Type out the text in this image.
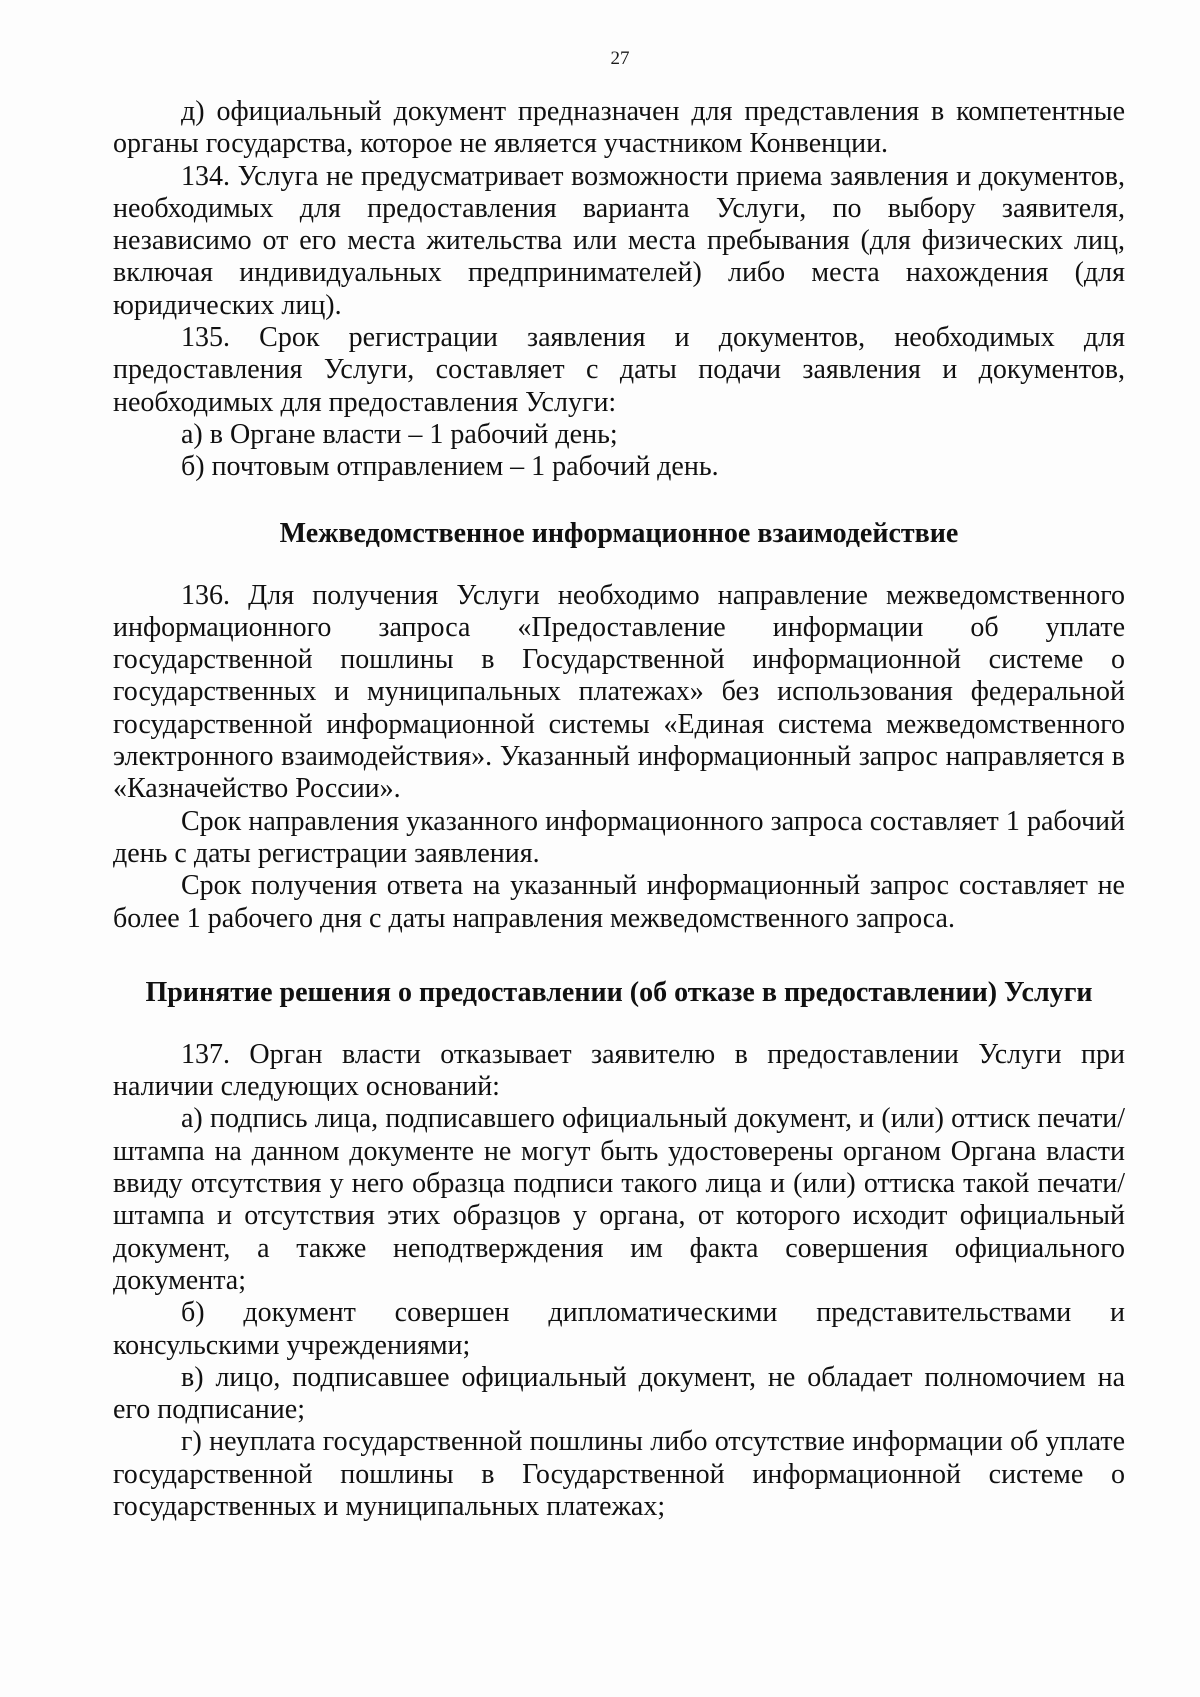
27

д) официальный документ предназначен для представления в компетентные органы государства, которое не является участником Конвенции.

134. Услуга не предусматривает возможности приема заявления и документов, необходимых для предоставления варианта Услуги, по выбору заявителя, независимо от его места жительства или места пребывания (для физических лиц, включая индивидуальных предпринимателей) либо места нахождения (для юридических лиц).

135. Срок регистрации заявления и документов, необходимых для предоставления Услуги, составляет с даты подачи заявления и документов, необходимых для предоставления Услуги:

а) в Органе власти – 1 рабочий день;

б) почтовым отправлением – 1 рабочий день.

Межведомственное информационное взаимодействие

136. Для получения Услуги необходимо направление межведомственного информационного запроса «Предоставление информации об уплате государственной пошлины в Государственной информационной системе о государственных и муниципальных платежах» без использования федеральной государственной информационной системы «Единая система межведомственного электронного взаимодействия». Указанный информационный запрос направляется в «Казначейство России».

Срок направления указанного информационного запроса составляет 1 рабочий день с даты регистрации заявления.

Срок получения ответа на указанный информационный запрос составляет не более 1 рабочего дня с даты направления межведомственного запроса.

Принятие решения о предоставлении (об отказе в предоставлении) Услуги

137. Орган власти отказывает заявителю в предоставлении Услуги при наличии следующих оснований:

а) подпись лица, подписавшего официальный документ, и (или) оттиск печати/штампа на данном документе не могут быть удостоверены органом Органа власти ввиду отсутствия у него образца подписи такого лица и (или) оттиска такой печати/штампа и отсутствия этих образцов у органа, от которого исходит официальный документ, а также неподтверждения им факта совершения официального документа;

б) документ совершен дипломатическими представительствами и консульскими учреждениями;

в) лицо, подписавшее официальный документ, не обладает полномочием на его подписание;

г) неуплата государственной пошлины либо отсутствие информации об уплате государственной пошлины в Государственной информационной системе о государственных и муниципальных платежах;
